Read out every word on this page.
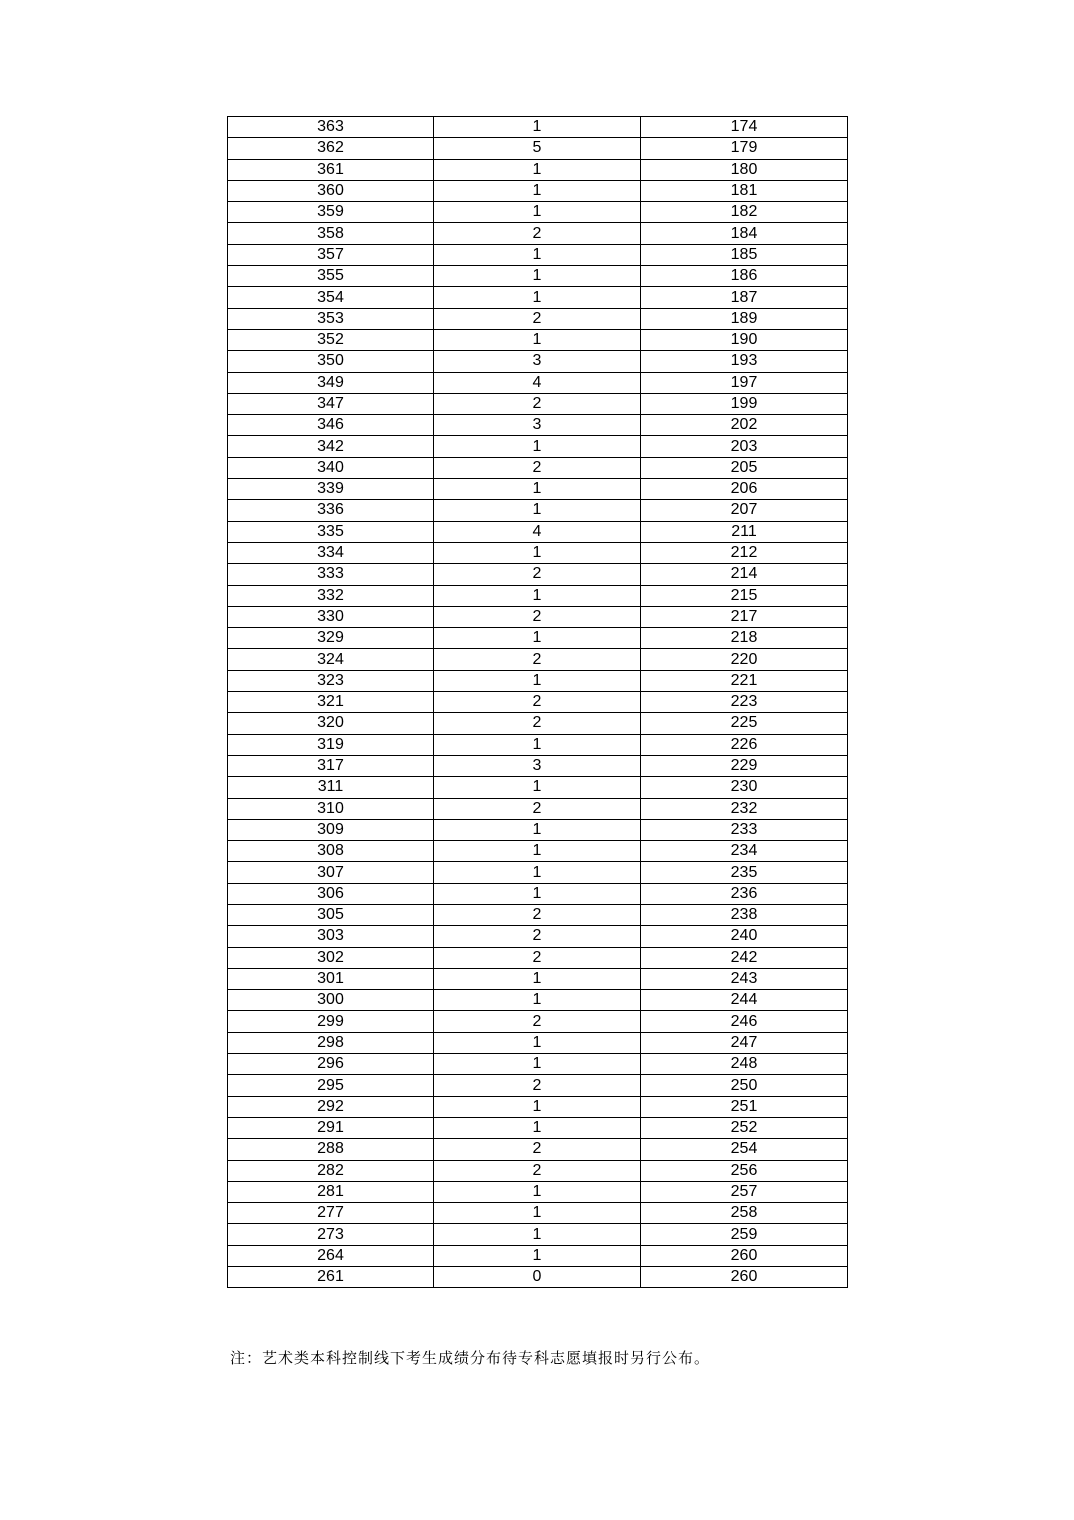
363	1	174
362	5	179
361	1	180
360	1	181
359	1	182
358	2	184
357	1	185
355	1	186
354	1	187
353	2	189
352	1	190
350	3	193
349	4	197
347	2	199
346	3	202
342	1	203
340	2	205
339	1	206
336	1	207
335	4	211
334	1	212
333	2	214
332	1	215
330	2	217
329	1	218
324	2	220
323	1	221
321	2	223
320	2	225
319	1	226
317	3	229
311	1	230
310	2	232
309	1	233
308	1	234
307	1	235
306	1	236
305	2	238
303	2	240
302	2	242
301	1	243
300	1	244
299	2	246
298	1	247
296	1	248
295	2	250
292	1	251
291	1	252
288	2	254
282	2	256
281	1	257
277	1	258
273	1	259
264	1	260
261	0	260
注：艺术类本科控制线下考生成绩分布待专科志愿填报时另行公布。
